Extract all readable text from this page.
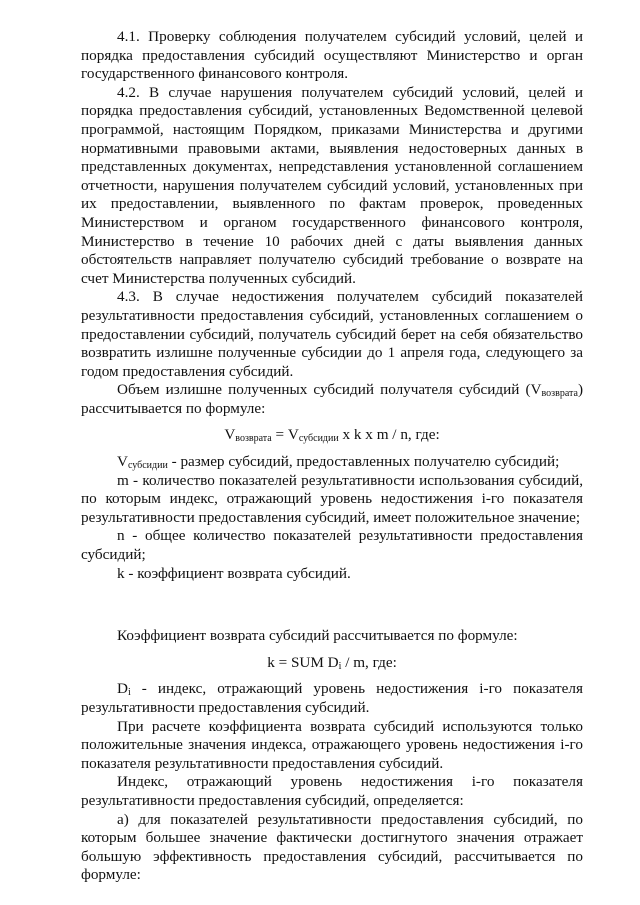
4.1. Проверку соблюдения получателем субсидий условий, целей и порядка предоставления субсидий осуществляют Министерство и орган государственного финансового контроля.

4.2. В случае нарушения получателем субсидий условий, целей и порядка предоставления субсидий, установленных Ведомственной целевой программой, настоящим Порядком, приказами Министерства и другими нормативными правовыми актами, выявления недостоверных данных в представленных документах, непредставления установленной соглашением отчетности, нарушения получателем субсидий условий, установленных при их предоставлении, выявленного по фактам проверок, проведенных Министерством и органом государственного финансового контроля, Министерство в течение 10 рабочих дней с даты выявления данных обстоятельств направляет получателю субсидий требование о возврате на счет Министерства полученных субсидий.

4.3. В случае недостижения получателем субсидий показателей результативности предоставления субсидий, установленных соглашением о предоставлении субсидий, получатель субсидий берет на себя обязательство возвратить излишне полученные субсидии до 1 апреля года, следующего за годом предоставления субсидий.

Объем излишне полученных субсидий получателя субсидий $(V_{возврата})$ рассчитывается по формуле:

$V_{возврата} = V_{субсидии}$ x k x m / n, где:

$V_{субсидии}$ - размер субсидий, предоставленных получателю субсидий;

m - количество показателей результативности использования субсидий, по которым индекс, отражающий уровень недостижения i-го показателя результативности предоставления субсидий, имеет положительное значение;

n - общее количество показателей результативности предоставления субсидий;

k - коэффициент возврата субсидий.

Коэффициент возврата субсидий рассчитывается по формуле:

k = SUM $D_i$ / m, где:

$D_i$ - индекс, отражающий уровень недостижения i-го показателя результативности предоставления субсидий.

При расчете коэффициента возврата субсидий используются только положительные значения индекса, отражающего уровень недостижения i-го показателя результативности предоставления субсидий.

Индекс, отражающий уровень недостижения i-го показателя результативности предоставления субсидий, определяется:

а) для показателей результативности предоставления субсидий, по которым большее значение фактически достигнутого значения отражает большую эффективность предоставления субсидий, рассчитывается по формуле:
